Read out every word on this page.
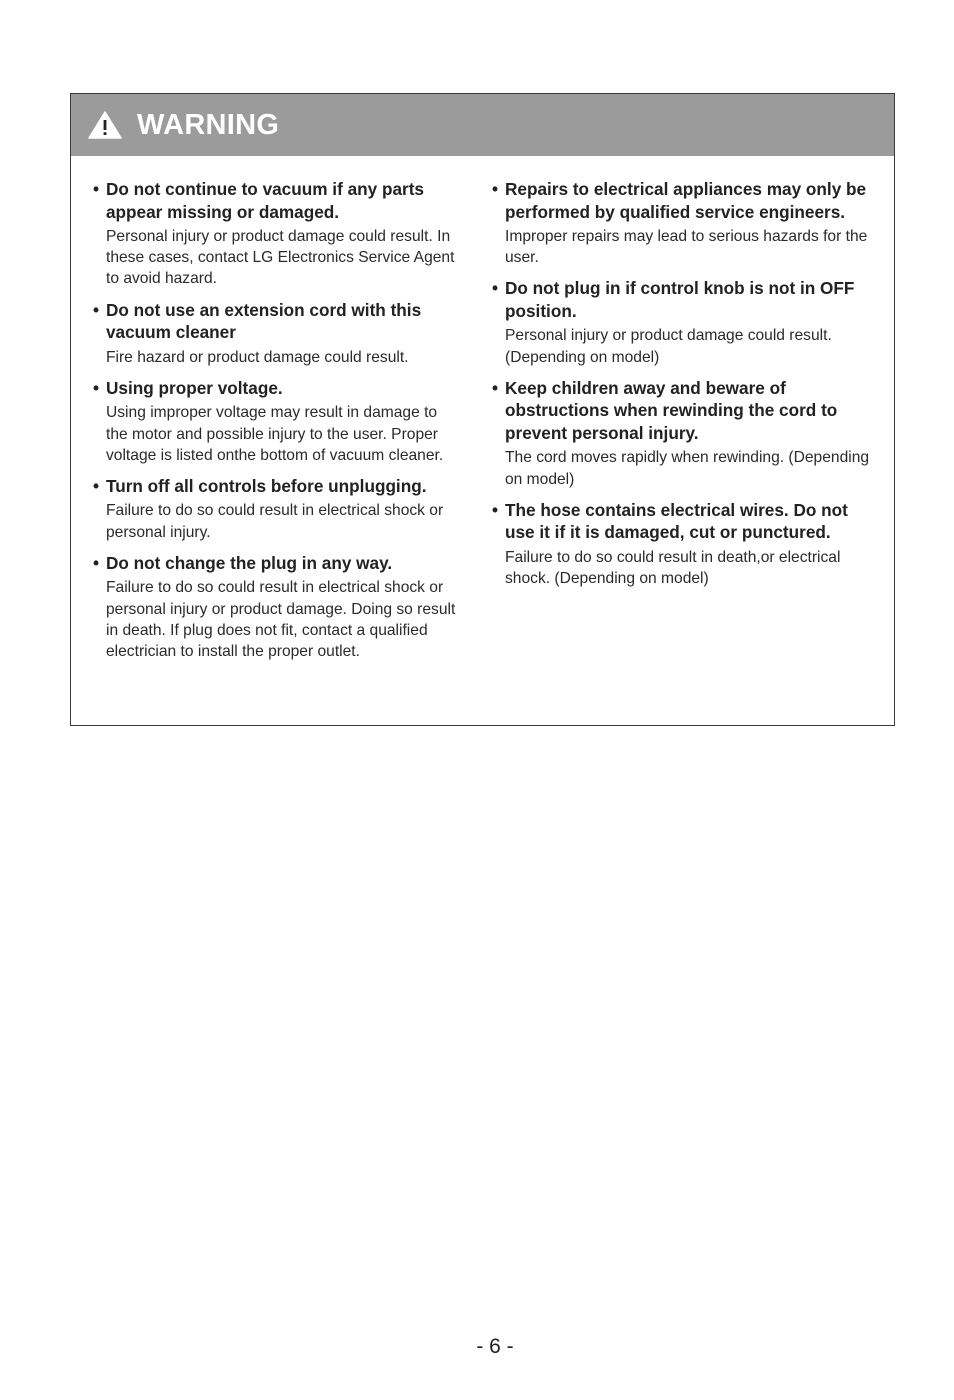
WARNING
• Do not continue to vacuum if any parts appear missing or damaged.
Personal injury or product damage could result. In these cases, contact LG Electronics Service Agent to avoid hazard.
• Do not use an extension cord with this vacuum cleaner
Fire hazard or product damage could result.
• Using proper voltage.
Using improper voltage may result in damage to the motor and possible injury to the user. Proper voltage is listed onthe bottom of vacuum cleaner.
• Turn off all controls before unplugging.
Failure to do so could result in electrical shock or personal injury.
• Do not change the plug in any way.
Failure to do so could result in electrical shock or personal injury or product damage. Doing so result in death. If plug does not fit, contact a qualified electrician to install the proper outlet.
• Repairs to electrical appliances may only be performed by qualified service engineers.
Improper repairs may lead to serious hazards for the user.
• Do not plug in if control knob is not in OFF position.
Personal injury or product damage could result. (Depending on model)
• Keep children away and beware of obstructions when rewinding the cord to prevent personal injury.
The cord moves rapidly when rewinding. (Depending on model)
• The hose contains electrical wires. Do not use it if it is damaged, cut or punctured.
Failure to do so could result in death,or electrical shock. (Depending on model)
- 6 -
